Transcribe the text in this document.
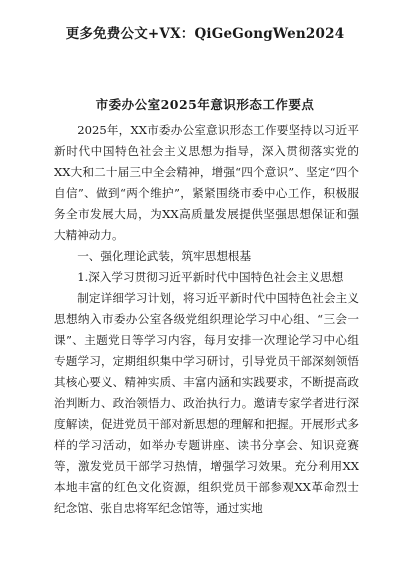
更多免费公文+VX：QiGeGongWen2024
市委办公室2025年意识形态工作要点

2025年，XX市委办公室意识形态工作要坚持以习近平新时代中国特色社会主义思想为指导，深入贯彻落实党的XX大和二十届三中全会精神，增强“四个意识”、坚定“四个自信”、做到“两个维护”，紧紧围绕市委中心工作，积极服务全市发展大局，为XX高质量发展提供坚强思想保证和强大精神动力。

一、强化理论武装，筑牢思想根基

1.深入学习贯彻习近平新时代中国特色社会主义思想

制定详细学习计划，将习近平新时代中国特色社会主义思想纳入市委办公室各级党组织理论学习中心组、“三会一课”、主题党日等学习内容，每月安排一次理论学习中心组专题学习，定期组织集中学习研讨，引导党员干部深刻领悟其核心要义、精神实质、丰富内涵和实践要求，不断提高政治判断力、政治领悟力、政治执行力。邀请专家学者进行深度解读，促进党员干部对新思想的理解和把握。开展形式多样的学习活动，如举办专题讲座、读书分享会、知识竞赛等，激发党员干部学习热情，增强学习效果。充分利用XX本地丰富的红色文化资源，组织党员干部参观XX革命烈士纪念馆、张自忠将军纪念馆等，通过实地
